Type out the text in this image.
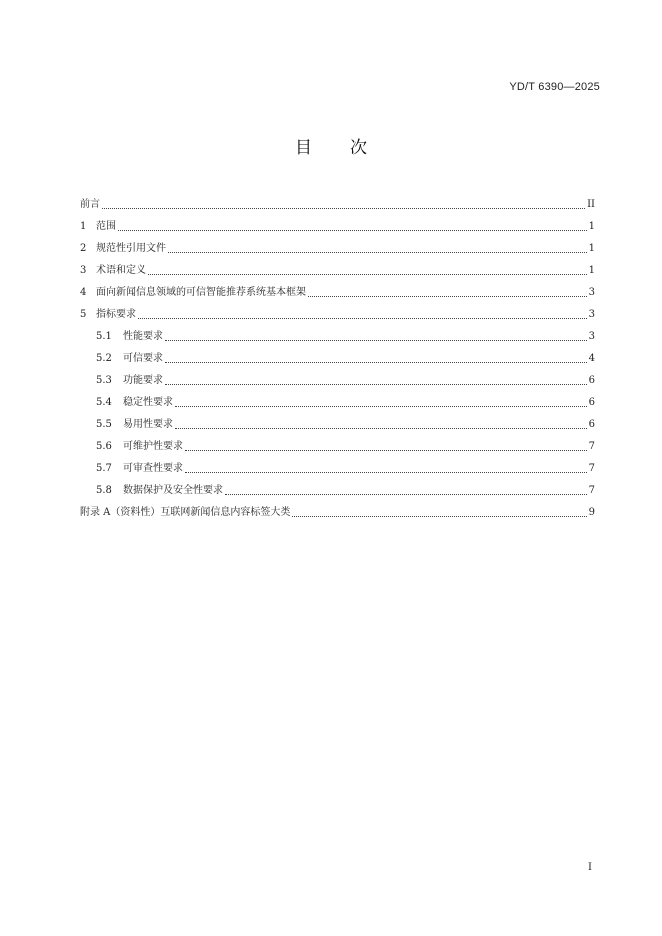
YD/T 6390—2025
目次
前言	II
1 范围	1
2 规范性引用文件	1
3 术语和定义	1
4 面向新闻信息领域的可信智能推荐系统基本框架	3
5 指标要求	3
5.1	性能要求	3
5.2	可信要求	4
5.3	功能要求	6
5.4	稳定性要求	6
5.5	易用性要求	6
5.6	可维护性要求	7
5.7	可审查性要求	7
5.8	数据保护及安全性要求	7
附录 A（资料性）互联网新闻信息内容标签大类	9
I
